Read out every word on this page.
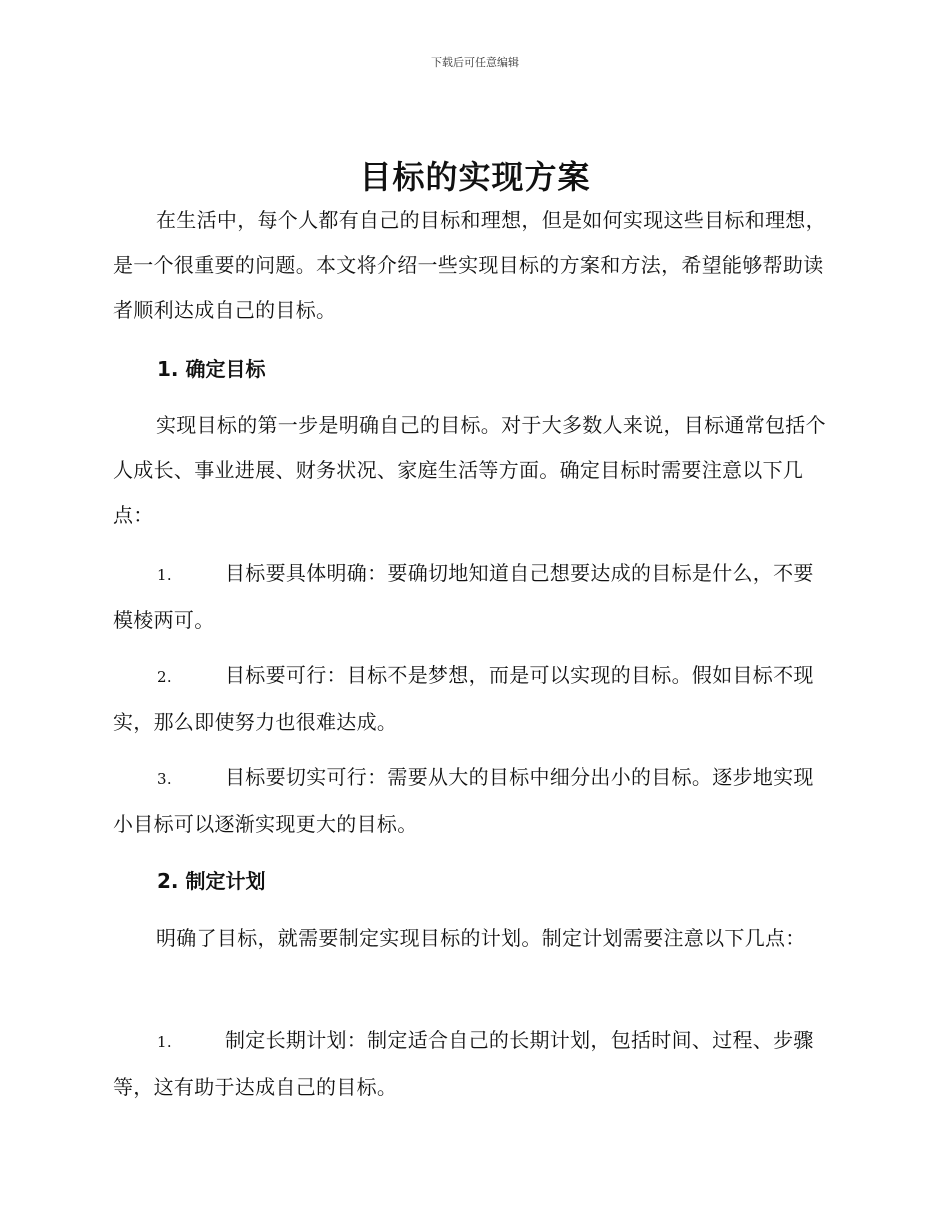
下载后可任意编辑
目标的实现方案

在生活中，每个人都有自己的目标和理想，但是如何实现这些目标和理想，是一个很重要的问题。本文将介绍一些实现目标的方案和方法，希望能够帮助读者顺利达成自己的目标。

1. 确定目标

实现目标的第一步是明确自己的目标。对于大多数人来说，目标通常包括个人成长、事业进展、财务状况、家庭生活等方面。确定目标时需要注意以下几点：

1.	目标要具体明确：要确切地知道自己想要达成的目标是什么，不要模棱两可。

2.	目标要可行：目标不是梦想，而是可以实现的目标。假如目标不现实，那么即使努力也很难达成。

3.	目标要切实可行：需要从大的目标中细分出小的目标。逐步地实现小目标可以逐渐实现更大的目标。

2. 制定计划

明确了目标，就需要制定实现目标的计划。制定计划需要注意以下几点：

1.	制定长期计划：制定适合自己的长期计划，包括时间、过程、步骤等，这有助于达成自己的目标。
